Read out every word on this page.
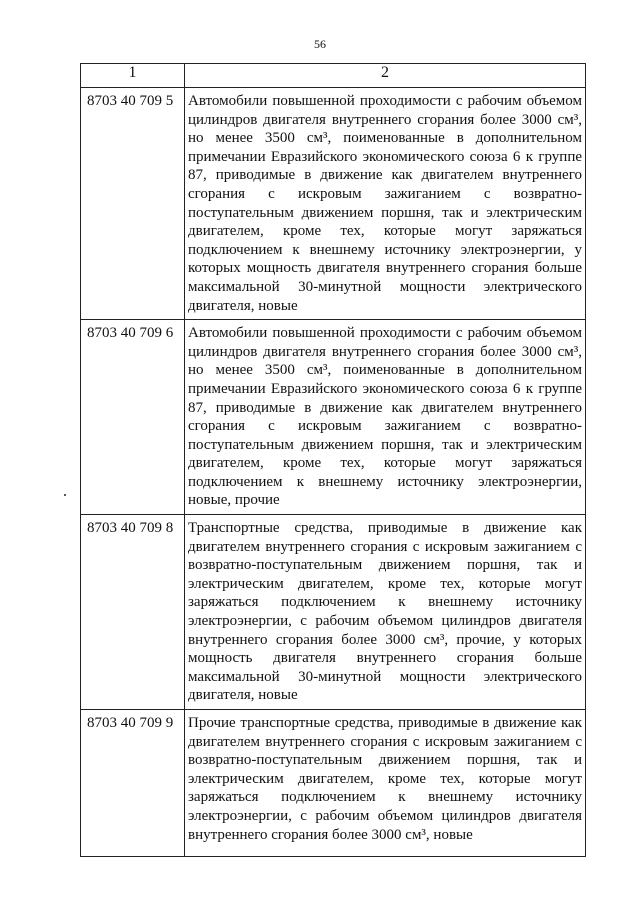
56
1	2
8703 40 709 5	Автомобили повышенной проходимости с рабочим объемом цилиндров двигателя внутреннего сгорания более 3000 см³, но менее 3500 см³, поименованные в дополнительном примечании Евразийского экономического союза 6 к группе 87, приводимые в движение как двигателем внутреннего сгорания с искровым зажиганием с возвратно-поступательным движением поршня, так и электрическим двигателем, кроме тех, которые могут заряжаться подключением к внешнему источнику электроэнергии, у которых мощность двигателя внутреннего сгорания больше максимальной 30-минутной мощности электрического двигателя, новые
8703 40 709 6	Автомобили повышенной проходимости с рабочим объемом цилиндров двигателя внутреннего сгорания более 3000 см³, но менее 3500 см³, поименованные в дополнительном примечании Евразийского экономического союза 6 к группе 87, приводимые в движение как двигателем внутреннего сгорания с искровым зажиганием с возвратно-поступательным движением поршня, так и электрическим двигателем, кроме тех, которые могут заряжаться подключением к внешнему источнику электроэнергии, новые, прочие
8703 40 709 8	Транспортные средства, приводимые в движение как двигателем внутреннего сгорания с искровым зажиганием с возвратно-поступательным движением поршня, так и электрическим двигателем, кроме тех, которые могут заряжаться подключением к внешнему источнику электроэнергии, с рабочим объемом цилиндров двигателя внутреннего сгорания более 3000 см³, прочие, у которых мощность двигателя внутреннего сгорания больше максимальной 30-минутной мощности электрического двигателя, новые
8703 40 709 9	Прочие транспортные средства, приводимые в движение как двигателем внутреннего сгорания с искровым зажиганием с возвратно-поступательным движением поршня, так и электрическим двигателем, кроме тех, которые могут заряжаться подключением к внешнему источнику электроэнергии, с рабочим объемом цилиндров двигателя внутреннего сгорания более 3000 см³, новые
